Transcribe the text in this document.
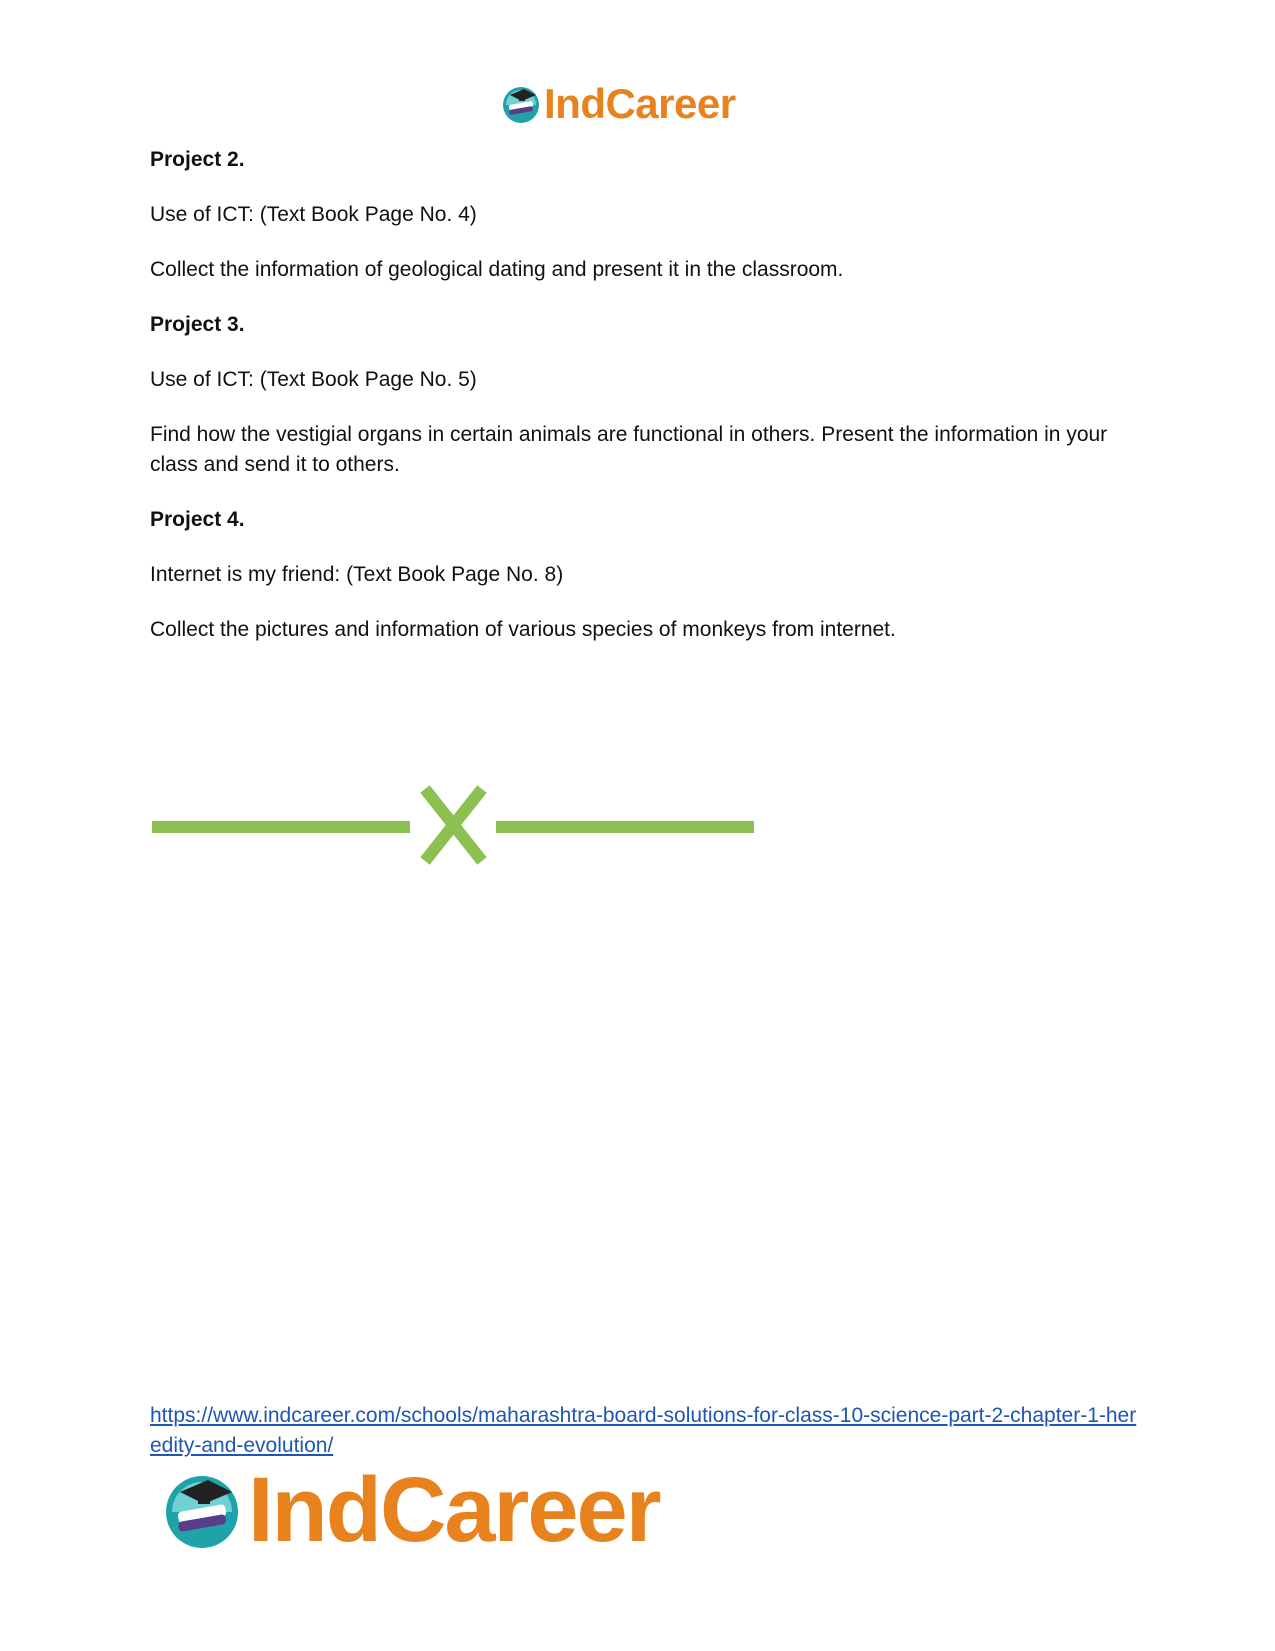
IndCareer

Project 2.

Use of ICT: (Text Book Page No. 4)

Collect the information of geological dating and present it in the classroom.

Project 3.

Use of ICT: (Text Book Page No. 5)

Find how the vestigial organs in certain animals are functional in others. Present the information in your class and send it to others.

Project 4.

Internet is my friend: (Text Book Page No. 8)

Collect the pictures and information of various species of monkeys from internet.

https://www.indcareer.com/schools/maharashtra-board-solutions-for-class-10-science-part-2-chapter-1-heredity-and-evolution/
IndCareer
